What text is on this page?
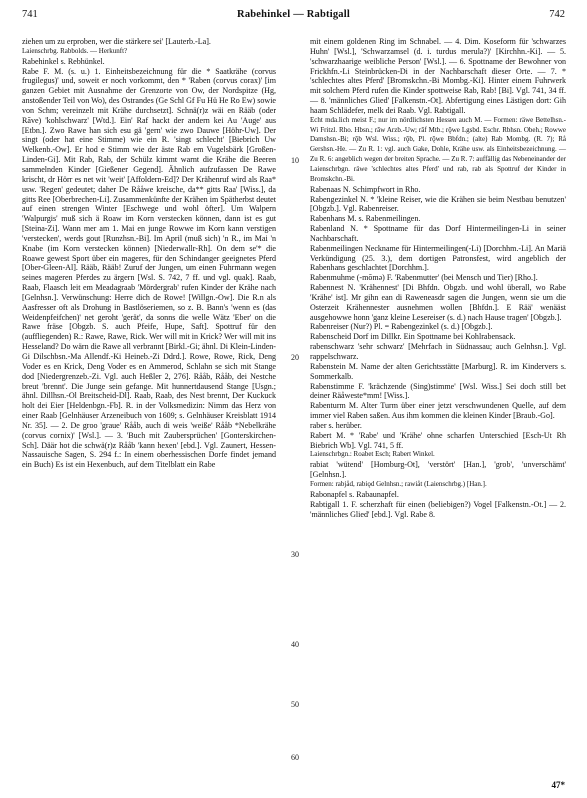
741	Rabehinkel — Rabtigall	742

ziehen um zu erproben, wer die stärkere sei' [Lauterb.-La].

Laienschrbg. Rabbolds. — Herkunft?

Rabehinkel s. Rebhünkel.

Rabe F. M. (s. u.) 1. Einheitsbezeichnung für die * Saatkrähe (corvus frugilegus)' und, soweit er noch vorkommt, den * 'Raben (corvus corax)' [im ganzen Gebiet mit Ausnahme der Grenzorte von Ow, der Nordspitze (Hg, anstoßender Teil von Wo), des Ostrandes (Ge Schl Gf Fu Hü He Ro Ew) sowie von Schm; vereinzelt mit Krähe durchsetzt]. Schnä(r)z wäi en Rääb (oder Rāve) 'kohlschwarz' [Wtd.]. Ein' Raf hackt der andern kei Au 'Auge' aus [Etbn.]. Zwo Rawe han sich esu gä 'gern' wie zwo Dauwe [Höhr-Uw]. Der singt (oder hat eine Stimme) wie ein R. 'singt schlecht' [Biebrich Uw Welkenb.-Ow]. Er hod e Stimm wie der äste Rab em Vugelsbärk [Großen-Linden-Gi]. Mit Rab, Rab, der Schülz kimmt warnt die Krähe die Beeren sammelnden Kinder [Gießener Gegend]. Ähnlich aufzufassen De Rawe krischt, dr Hörr es net wit 'weit' [Affoldern-Ed]? Der Krähenruf wird als Raa* usw. 'Regen' gedeutet; daher De Rååwe kreische, da** gitts Raa' [Wiss.], da gitts Ree [Oberbrechen-Li]. Zusammenkünfte der Krähen im Spätherbst deutet auf einen strengen Winter [Eschwege und wohl öfter]. Um Walpern 'Walpurgis' muß sich ä Roaw im Korn verstecken können, dann ist es gut [Steina-Zi]. Wann mer am 1. Mai en junge Rowwe im Korn kann verstigen 'verstecken', werds gout [Runzhsn.-Bi]. Im April (muß sich) 'n R., im Mai 'n Knabe (im Korn verstecken können) [Niederwallr-Rh]. On dem se'* die Roawe gewest Sport über ein mageres, für den Schindanger geeignetes Pferd [Ober-Gleen-Al]. Rääb, Rääb! Zuruf der Jungen, um einen Fuhrmann wegen seines mageren Pferdes zu ärgern [Wsl. S. 742, 7 ff. und vgl. quak]. Raab, Raab, Flaasch leit em Meadagraab 'Mördergrab' rufen Kinder der Krähe nach [Gelnhsn.]. Verwünschung: Herre dich de Rowe! [Willgn.-Ow]. Die R.n als Aasfresser oft als Drohung in Bastlöseriemen, so z. B. Bann's 'wenn es (das Weidenpfeifchen)' net geroht 'gerät', da sonns die welle Wätz 'Eber' on die Rawe fräse [Obgzb. S. auch Pfeife, Hupe, Saft]. Spottruf für den (auffliegenden) R.: Rawe, Rawe, Rick. Wer will mit in Krick? Wer will mit ins Hesseland? Do wärn die Rawe all verbrannt [Birkl.-Gi; ähnl. Di Klein-Linden-Gi Dilschbsn.-Ma Allendf.-Ki Heineb.-Zi Ddrd.]. Rowe, Rowe, Rick, Deng Voder es en Krick, Deng Voder es en Ammerod, Schlahn se sich mit Stange dod [Niedergrenzeb.-Zi. Vgl. auch Heßler 2, 276]. Rååb, Rååb, dei Nestche breut 'brennt'. Die Junge sein gefange. Mit hunnertdausend Stange [Usgn.; ähnl. Dillhsn.-Ol Breitscheid-Dl]. Raab, Raab, des Nest brennt, Der Kuckuck holt dei Eier [Heldenbgn.-Fb]. R. in der Volksmedizin: Nimm das Herz von einer Raab [Gelnhäuser Arzeneibuch von 1609; s. Gelnhäuser Kreisblatt 1914 Nr. 35]. — 2. De groo 'graue' Rååb, auch di weis 'weiße' Rååb *Nebelkrähe (corvus cornix)' [Wsl.]. — 3. 'Buch mit Zaubersprüchen' [Gonterskirchen-Sch]. Däär hot die schwä(r)z Rååb 'kann hexen' [ebd.]. Vgl. Zaunert, Hessen-Nassauische Sagen, S. 294 f.: In einem oberhessischen Dorfe findet jemand ein Buch) Es ist ein Hexenbuch, auf dem Titelblatt ein Rabe

10
20
30
40
50
60

mit einem goldenen Ring im Schnabel. — 4. Dim. Koseform für 'schwarzes Huhn' [Wsl.], 'Schwarzamsel (d. i. turdus merula?)' [Kirchhn.-Ki]. — 5. 'schwarzhaarige weibliche Person' [Wsl.]. — 6. Spottname der Bewohner von Frickhfn.-Li Steinbrücken-Di in der Nachbarschaft dieser Orte. — 7. * 'schlechtes altes Pferd' [Bromskchn.-Bi Mombg.-Ki]. Hinter einem Fuhrwerk mit solchem Pferd rufen die Kinder spottweise Rab, Rab! [Bi]. Vgl. 741, 34 ff. — 8. 'männliches Glied' [Falkenstn.-Ot]. Abfertigung eines Lästigen dort: Gih haam Schlädefer, melk dei Raab. Vgl. Rabtigall.

Echt mda.lich meist F.; nur im nördlichsten Hessen auch M. — Formen: räwe Bettelhsn.-Wi Fritzl. Rho. Hbsn.; rāw Arzb.-Uw; rāf Mtb.; rǭwe Lgsbd. Eschr. Rbhsn. Obeh.; Rowwe Damshsn.-Bi; rǭb Wsl. Wiss.; rǭb, Pl. rǭwe Bbfdn.; (alte) Rab Mombg. (R. 7); Rå Gershsn.-He. — Zu R. 1: vgl. auch Gake, Dohle, Krähe usw. als Einheitsbezeichnung. — Zu R. 6: angeblich wegen der breiten Sprache. — Zu R. 7: auffällig das Nebeneinander der Laienschrbgn. räwe 'schlechtes altes Pferd' und rab, rab als Spottruf der Kinder in Bromskchn.-Bi.

Rabenaas N. Schimpfwort in Rho.

Rabengezinkel N. * 'kleine Reiser, wie die Krähen sie beim Nestbau benutzen' [Obgzb.]. Vgl. Rabenreiser.

Rabenhans M. s. Rabenmeilingen.

Rabenland N. * Spottname für das Dorf Hintermeilingen-Li in seiner Nachbarschaft.

Rabenmeilingen Neckname für Hintermeilingen(-Li) [Dorchhm.-Li]. An Mariä Verkündigung (25. 3.), dem dortigen Patronsfest, wird angeblich der Rabenhans geschlachtet [Dorchhm.].

Rabenmuhme (-mōmə) F. 'Rabenmutter' (bei Mensch und Tier) [Rho.].

Rabennest N. 'Krähennest' [Di Bhfdn. Obgzb. und wohl überall, wo Rabe 'Krähe' ist]. Mr gihn ean di Raweneasdr sagen die Jungen, wenn sie um die Osterzeit Krähennester ausnehmen wollen [Bhfdn.]. E Rää' wenääst ausgehowwe honn 'ganz kleine Lesereiser (s. d.) nach Hause tragen' [Obgzb.].

Rabenreiser (Nur?) Pl. = Rabengezinkel (s. d.) [Obgzb.].

Rabenscheid Dorf im Dillkr. Ein Spottname bei Kohlrabensack.

rabenschwarz 'sehr schwarz' [Mehrfach in Südnassau; auch Gelnhsn.]. Vgl. rappelschwarz.

Rabenstein M. Name der alten Gerichtsstätte [Marburg]. R. im Kindervers s. Sommerkalb.

Rabenstimme F. 'krächzende (Sing)stimme' [Wsl. Wiss.] Sei doch still bet deiner Räåweste*mm! [Wiss.].

Rabenturm M. Alter Turm über einer jetzt verschwundenen Quelle, auf dem immer viel Raben saßen. Aus ihm kommen die kleinen Kinder [Braub.-Go].

raber s. herüber.

Rabert M. * 'Rabe' und 'Krähe' ohne scharfen Unterschied [Esch-Ut Rh Biebrich Wb]. Vgl. 741, 5 ff.

Laienschrbgn.: Roabet Esch; Rabert Winkel.

rabiat 'wütend' [Homburg-Ot], 'verstört' [Han.], 'grob', 'unverschämt' [Gelnhsn.].

Formen: rabjåd, rabiǫd Gelnhsn.; rawiåt (Laienschrbg.) [Han.].

Rabonapfel s. Rabaunapfel.

Rabtigall 1. F. scherzhaft für einen (beliebigen?) Vogel [Falkenstn.-Ot.] — 2. 'männliches Glied' [ebd.]. Vgl. Rabe 8.

47*
